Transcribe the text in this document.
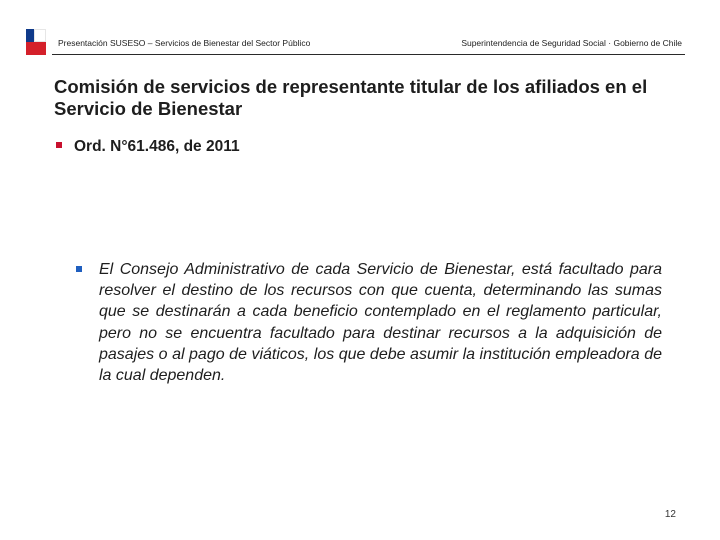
Presentación SUSESO – Servicios de Bienestar del Sector Público	Superintendencia de Seguridad Social · Gobierno de Chile
Comisión de servicios de representante titular de los afiliados en el Servicio de Bienestar
Ord. N°61.486, de 2011

El Consejo Administrativo de cada Servicio de Bienestar, está facultado para resolver el destino de los recursos con que cuenta, determinando las sumas que se destinarán a cada beneficio contemplado en el reglamento particular, pero no se encuentra facultado para destinar recursos a la adquisición de pasajes o al pago de viáticos, los que debe asumir la institución empleadora de la cual dependen.

12
